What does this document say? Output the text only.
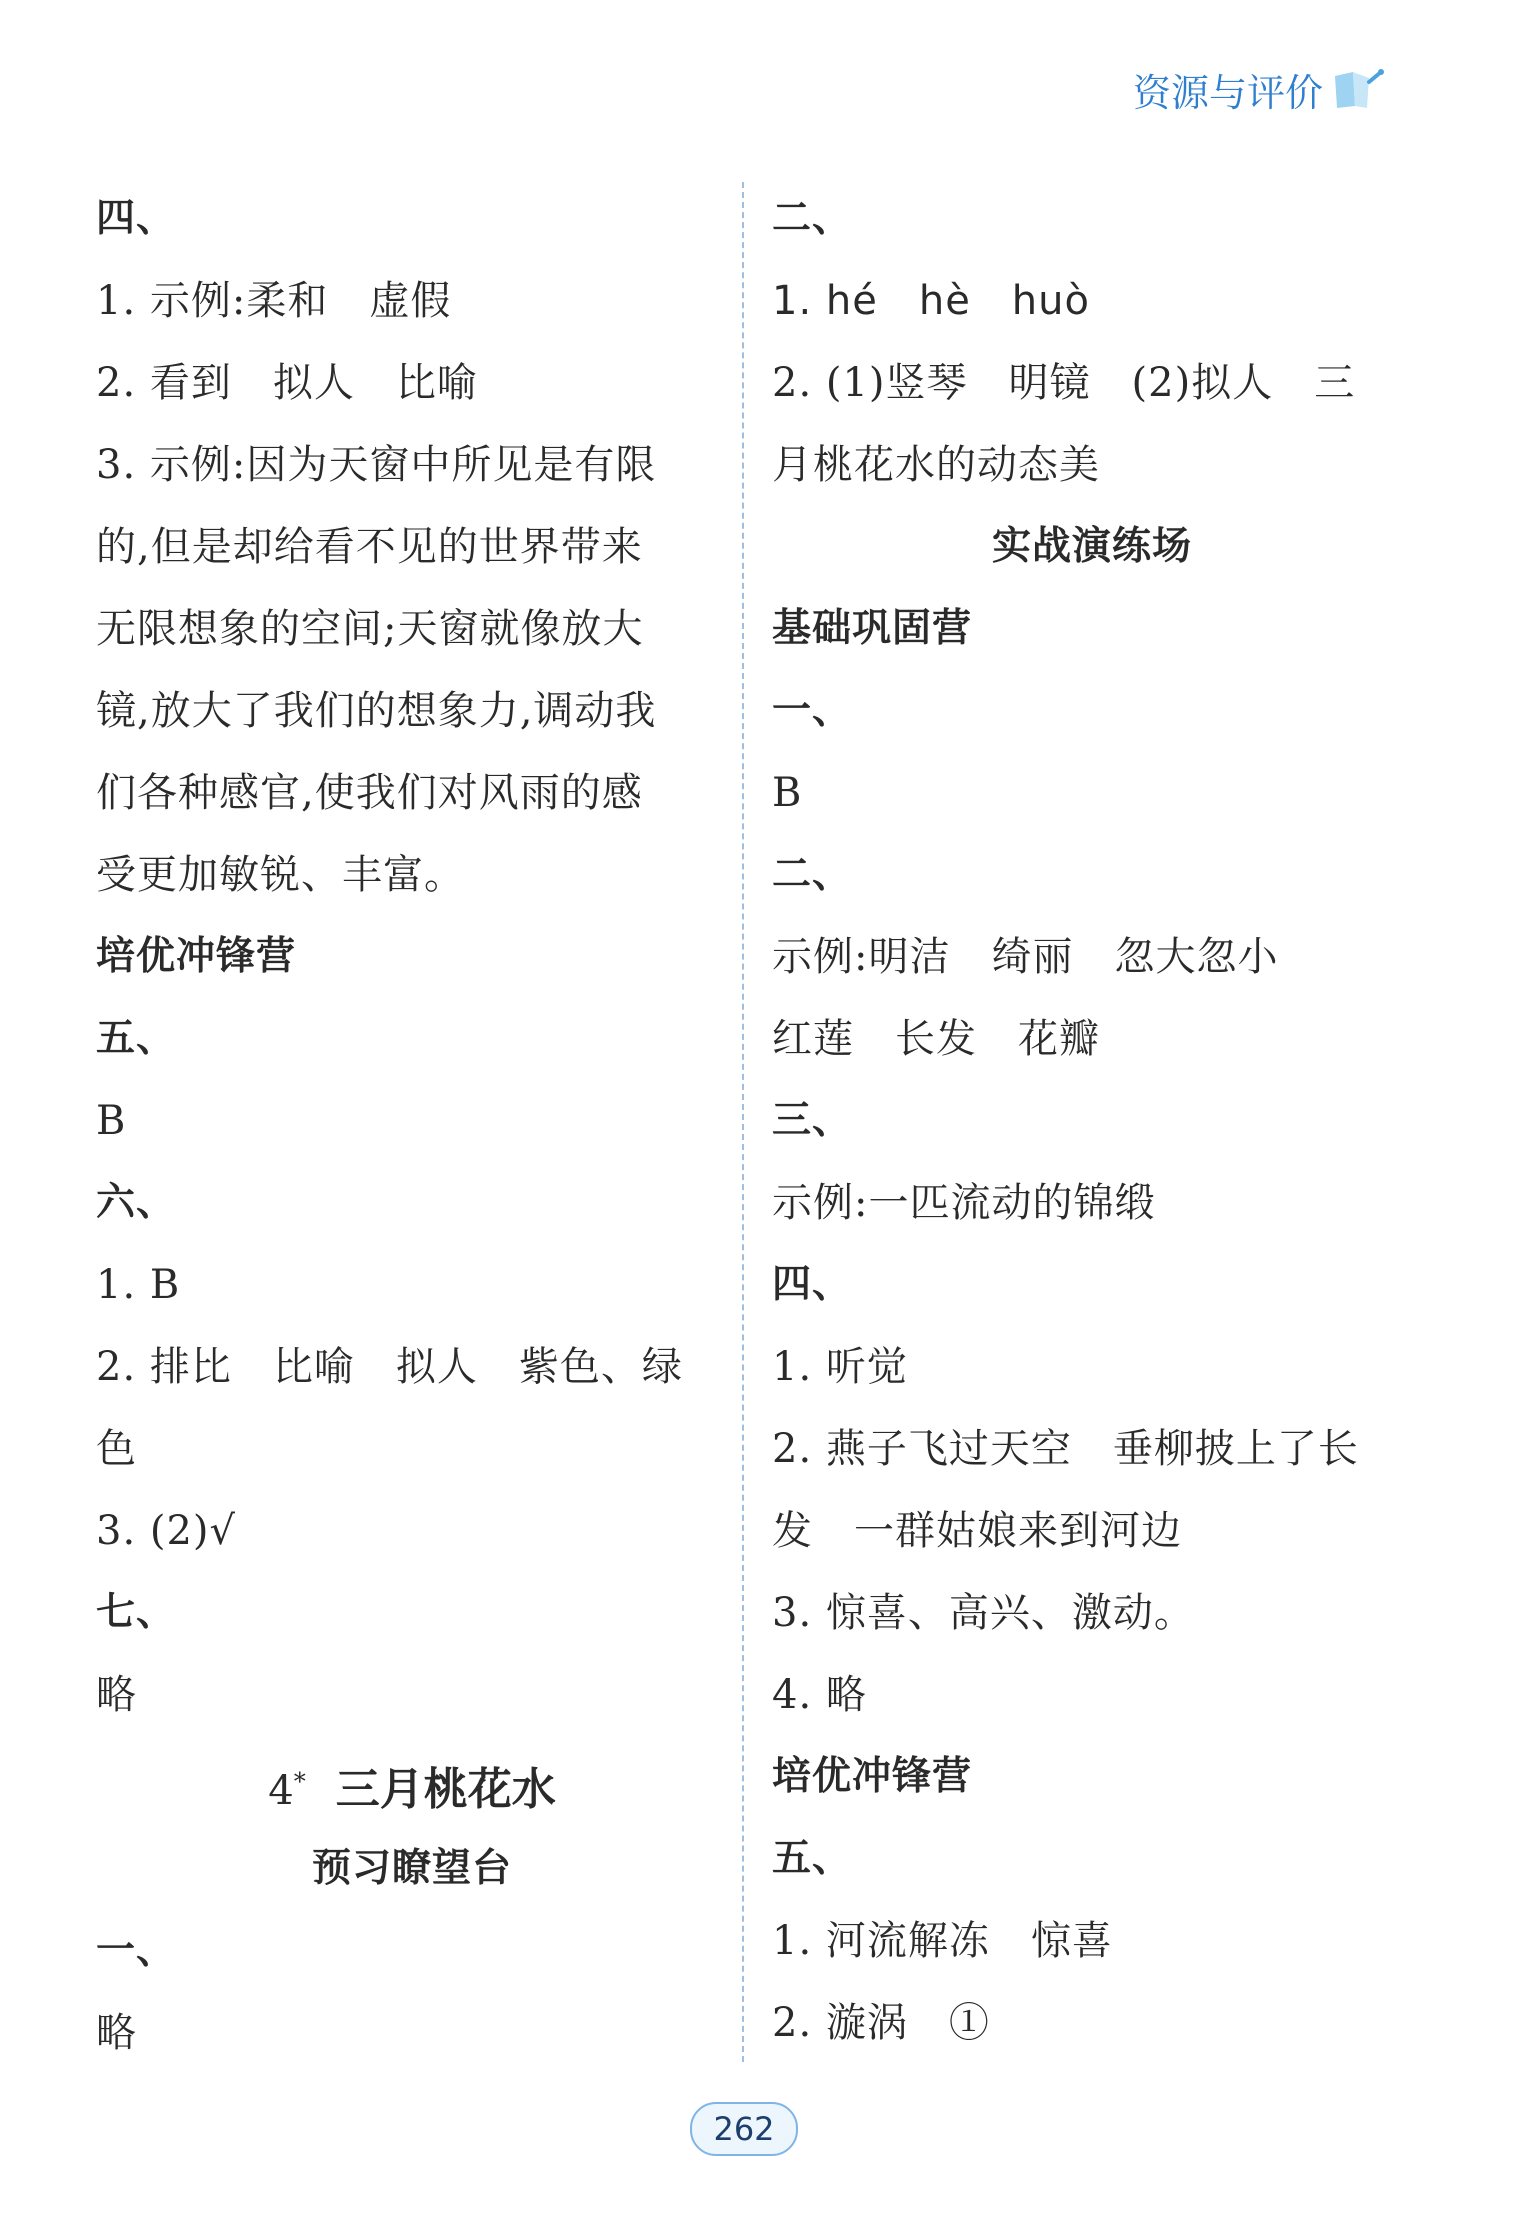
资源与评价
四、
1. 示例:柔和　虚假
2. 看到　拟人　比喻
3. 示例:因为天窗中所见是有限
的,但是却给看不见的世界带来
无限想象的空间;天窗就像放大
镜,放大了我们的想象力,调动我
们各种感官,使我们对风雨的感
受更加敏锐、丰富。
培优冲锋营
五、
B
六、
1. B
2. 排比　比喻　拟人　紫色、绿
色
3. (2)√
七、
略
4* 三月桃花水
预习瞭望台
一、
略
二、
1. hé　hè　huò
2. (1)竖琴　明镜　(2)拟人　三
月桃花水的动态美
实战演练场
基础巩固营
一、
B
二、
示例:明洁　绮丽　忽大忽小
红莲　长发　花瓣
三、
示例:一匹流动的锦缎
四、
1. 听觉
2. 燕子飞过天空　垂柳披上了长
发　一群姑娘来到河边
3. 惊喜、高兴、激动。
4. 略
培优冲锋营
五、
1. 河流解冻　惊喜
2. 漩涡　①
262
